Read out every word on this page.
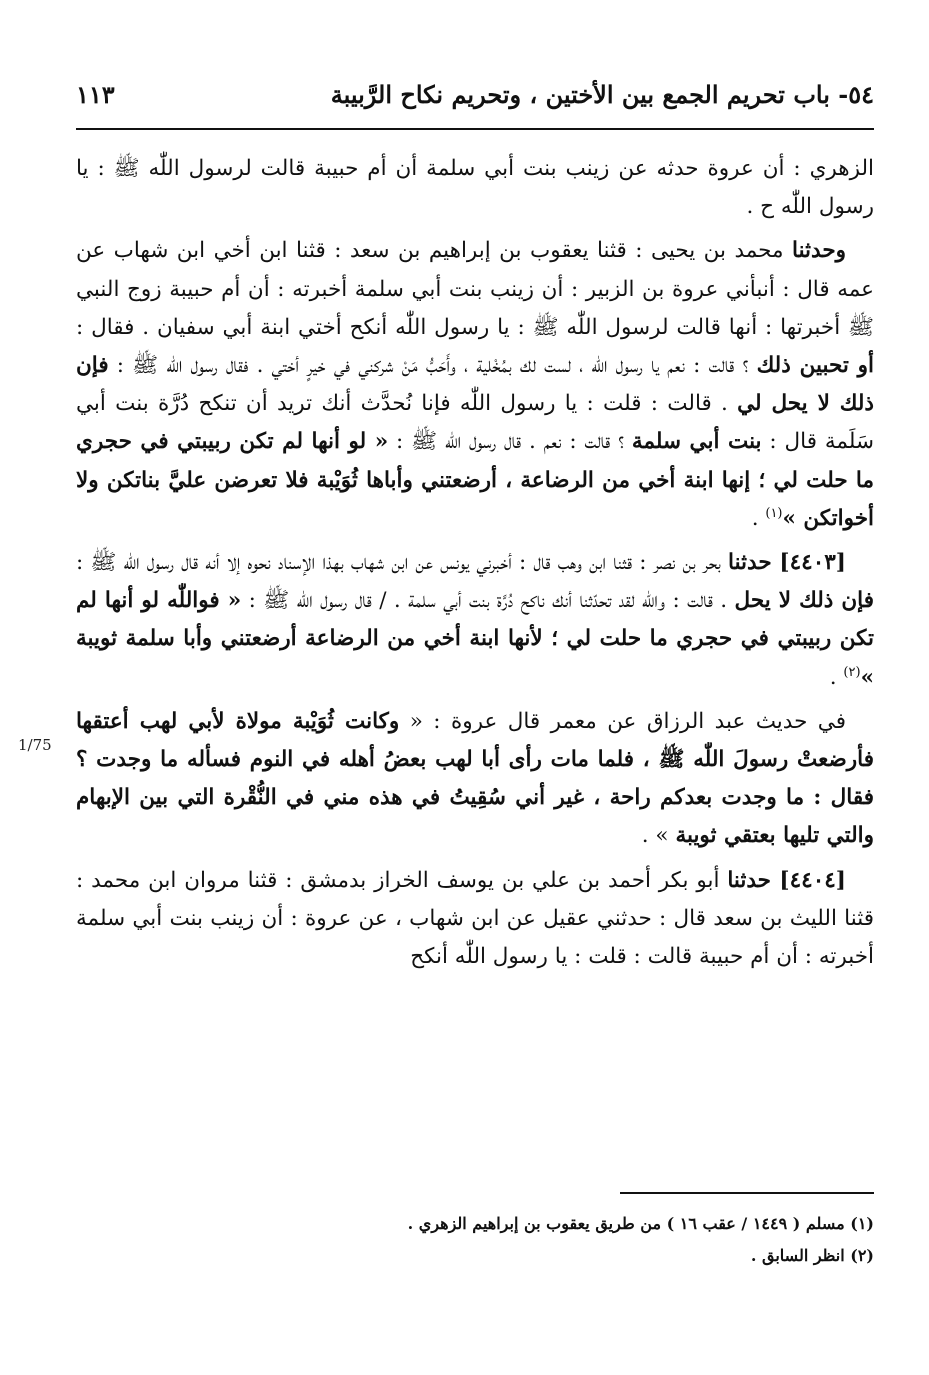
٥٤- باب تحريم الجمع بين الأختين ، وتحريم نكاح الرَّبيبة
١١٣

الزهري : أن عروة حدثه عن زينب بنت أبي سلمة أن أم حبيبة قالت لرسول اللّٰه ﷺ : يا رسول اللّٰه ح .

وحدثنا محمد بن يحيى : قثنا يعقوب بن إبراهيم بن سعد : قثنا ابن أخي ابن شهاب عن عمه قال : أنبأني عروة بن الزبير : أن زينب بنت أبي سلمة أخبرته : أن أم حبيبة زوج النبي ﷺ أخبرتها : أنها قالت لرسول اللّٰه ﷺ : يا رسول اللّٰه أنكح أختي ابنة أبي سفيان . فقال : أو تحبين ذلك ؟ قالت : نعم يا رسول اللّٰه ، لست لك بمُخْلية ، وأَحَبُّ مَنْ شركني في خيرٍ أختي . فقال رسول اللّٰه ﷺ : فإن ذلك لا يحل لي . قالت : قلت : يا رسول اللّٰه فإنا نُحدَّث أنك تريد أن تنكح دُرَّة بنت أبي سَلَمة قال : بنت أبي سلمة ؟ قالت : نعم . قال رسول اللّٰه ﷺ : « لو أنها لم تكن ربيبتي في حجري ما حلت لي ؛ إنها ابنة أخي من الرضاعة ، أرضعتني وأباها ثُوَيْبة فلا تعرضن عليَّ بناتكن ولا أخواتكن »$^{(١)}$ .

[٤٤٠٣] حدثنا بحر بن نصر : قثنا ابن وهب قال : أخبرني يونس عن ابن شهاب بهذا الإسناد نحوه إلا أنه قال رسول اللّٰه ﷺ : فإن ذلك لا يحل . قالت : واللّٰه لقد تحدّثنا أنك ناكح دُرَّة بنت أبي سلمة . / قال رسول اللّٰه ﷺ : « فواللّٰه لو أنها لم تكن ربيبتي في حجري ما حلت لي ؛ لأنها ابنة أخي من الرضاعة أرضعتني وأبا سلمة ثويبة »$^{(٢)}$ .

في حديث عبد الرزاق عن معمر قال عروة : « وكانت ثُوَيْبة مولاة لأبي لهب أعتقها فأرضعتْ رسولَ اللّٰه ﷺ ، فلما مات رأى أبا لهب بعضُ أهله في النوم فسأله ما وجدت ؟ فقال : ما وجدت بعدكم راحة ، غير أني سُقِيتُ في هذه مني في النُّقْرة التي بين الإبهام والتي تليها بعتقي ثويبة » .

[٤٤٠٤] حدثنا أبو بكر أحمد بن علي بن يوسف الخراز بدمشق : قثنا مروان ابن محمد : قثنا الليث بن سعد قال : حدثني عقيل عن ابن شهاب ، عن عروة : أن زينب بنت أبي سلمة أخبرته : أن أم حبيبة قالت : قلت : يا رسول اللّٰه أنكح

1/75

(١) مسلم ( ١٤٤٩ / عقب ١٦ ) من طريق يعقوب بن إبراهيم الزهري .

(٢) انظر السابق .
